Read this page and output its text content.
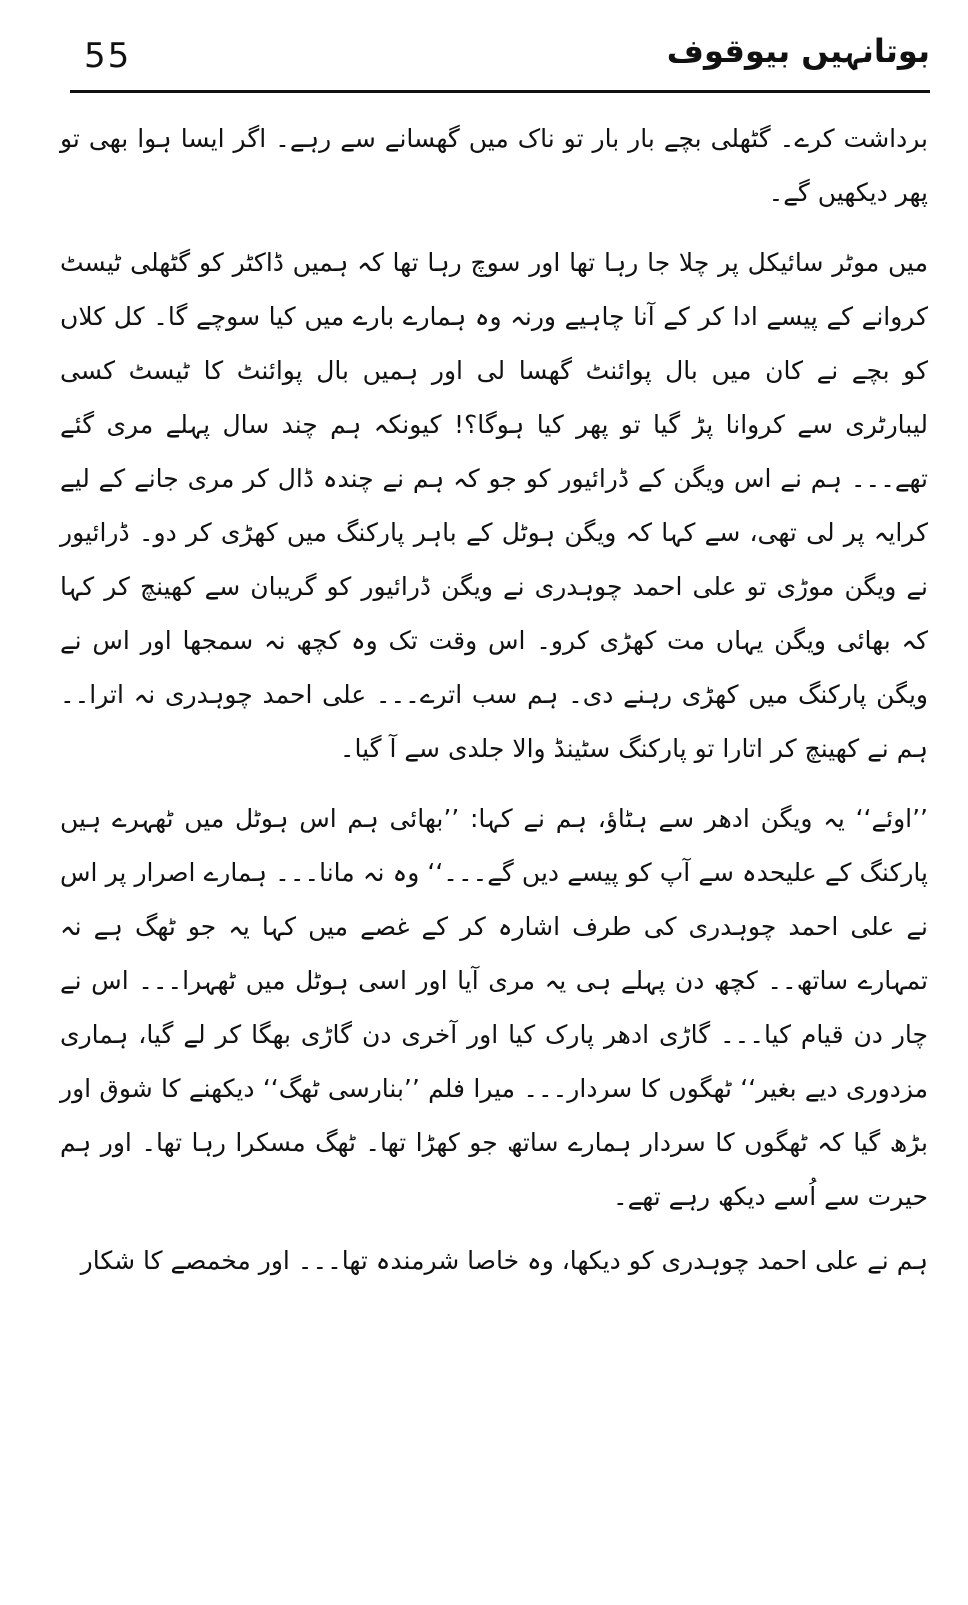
55	بوتانہیں بیوقوف

برداشت کرے۔ گٹھلی بچے بار بار تو ناک میں گھسانے سے رہے۔ اگر ایسا ہوا بھی تو پھر دیکھیں گے۔

میں موٹر سائیکل پر چلا جا رہا تھا اور سوچ رہا تھا کہ ہمیں ڈاکٹر کو گٹھلی ٹیسٹ کروانے کے پیسے ادا کر کے آنا چاہیے ورنہ وہ ہمارے بارے میں کیا سوچے گا۔ کل کلاں کو بچے نے کان میں بال پوائنٹ گھسا لی اور ہمیں بال پوائنٹ کا ٹیسٹ کسی لیبارٹری سے کروانا پڑ گیا تو پھر کیا ہوگا؟! کیونکہ ہم چند سال پہلے مری گئے تھے۔۔۔ ہم نے اس ویگن کے ڈرائیور کو جو کہ ہم نے چندہ ڈال کر مری جانے کے لیے کرایہ پر لی تھی، سے کہا کہ ویگن ہوٹل کے باہر پارکنگ میں کھڑی کر دو۔ ڈرائیور نے ویگن موڑی تو علی احمد چوہدری نے ویگن ڈرائیور کو گریبان سے کھینچ کر کہا کہ بھائی ویگن یہاں مت کھڑی کرو۔ اس وقت تک وہ کچھ نہ سمجھا اور اس نے ویگن پارکنگ میں کھڑی رہنے دی۔ ہم سب اترے۔۔۔ علی احمد چوہدری نہ اترا۔۔ ہم نے کھینچ کر اتارا تو پارکنگ سٹینڈ والا جلدی سے آ گیا۔

’’اوئے‘‘ یہ ویگن ادھر سے ہٹاؤ، ہم نے کہا: ’’بھائی ہم اس ہوٹل میں ٹھہرے ہیں پارکنگ کے علیحدہ سے آپ کو پیسے دیں گے۔۔۔‘‘ وہ نہ مانا۔۔۔ ہمارے اصرار پر اس نے علی احمد چوہدری کی طرف اشارہ کر کے غصے میں کہا یہ جو ٹھگ ہے نہ تمہارے ساتھ۔۔ کچھ دن پہلے ہی یہ مری آیا اور اسی ہوٹل میں ٹھہرا۔۔۔ اس نے چار دن قیام کیا۔۔۔ گاڑی ادھر پارک کیا اور آخری دن گاڑی بھگا کر لے گیا، ہماری مزدوری دیے بغیر‘‘ ٹھگوں کا سردار۔۔۔ میرا فلم ’’بنارسی ٹھگ‘‘ دیکھنے کا شوق اور بڑھ گیا کہ ٹھگوں کا سردار ہمارے ساتھ جو کھڑا تھا۔ ٹھگ مسکرا رہا تھا۔ اور ہم حیرت سے اُسے دیکھ رہے تھے۔

ہم نے علی احمد چوہدری کو دیکھا، وہ خاصا شرمندہ تھا۔۔۔ اور مخمصے کا شکار
